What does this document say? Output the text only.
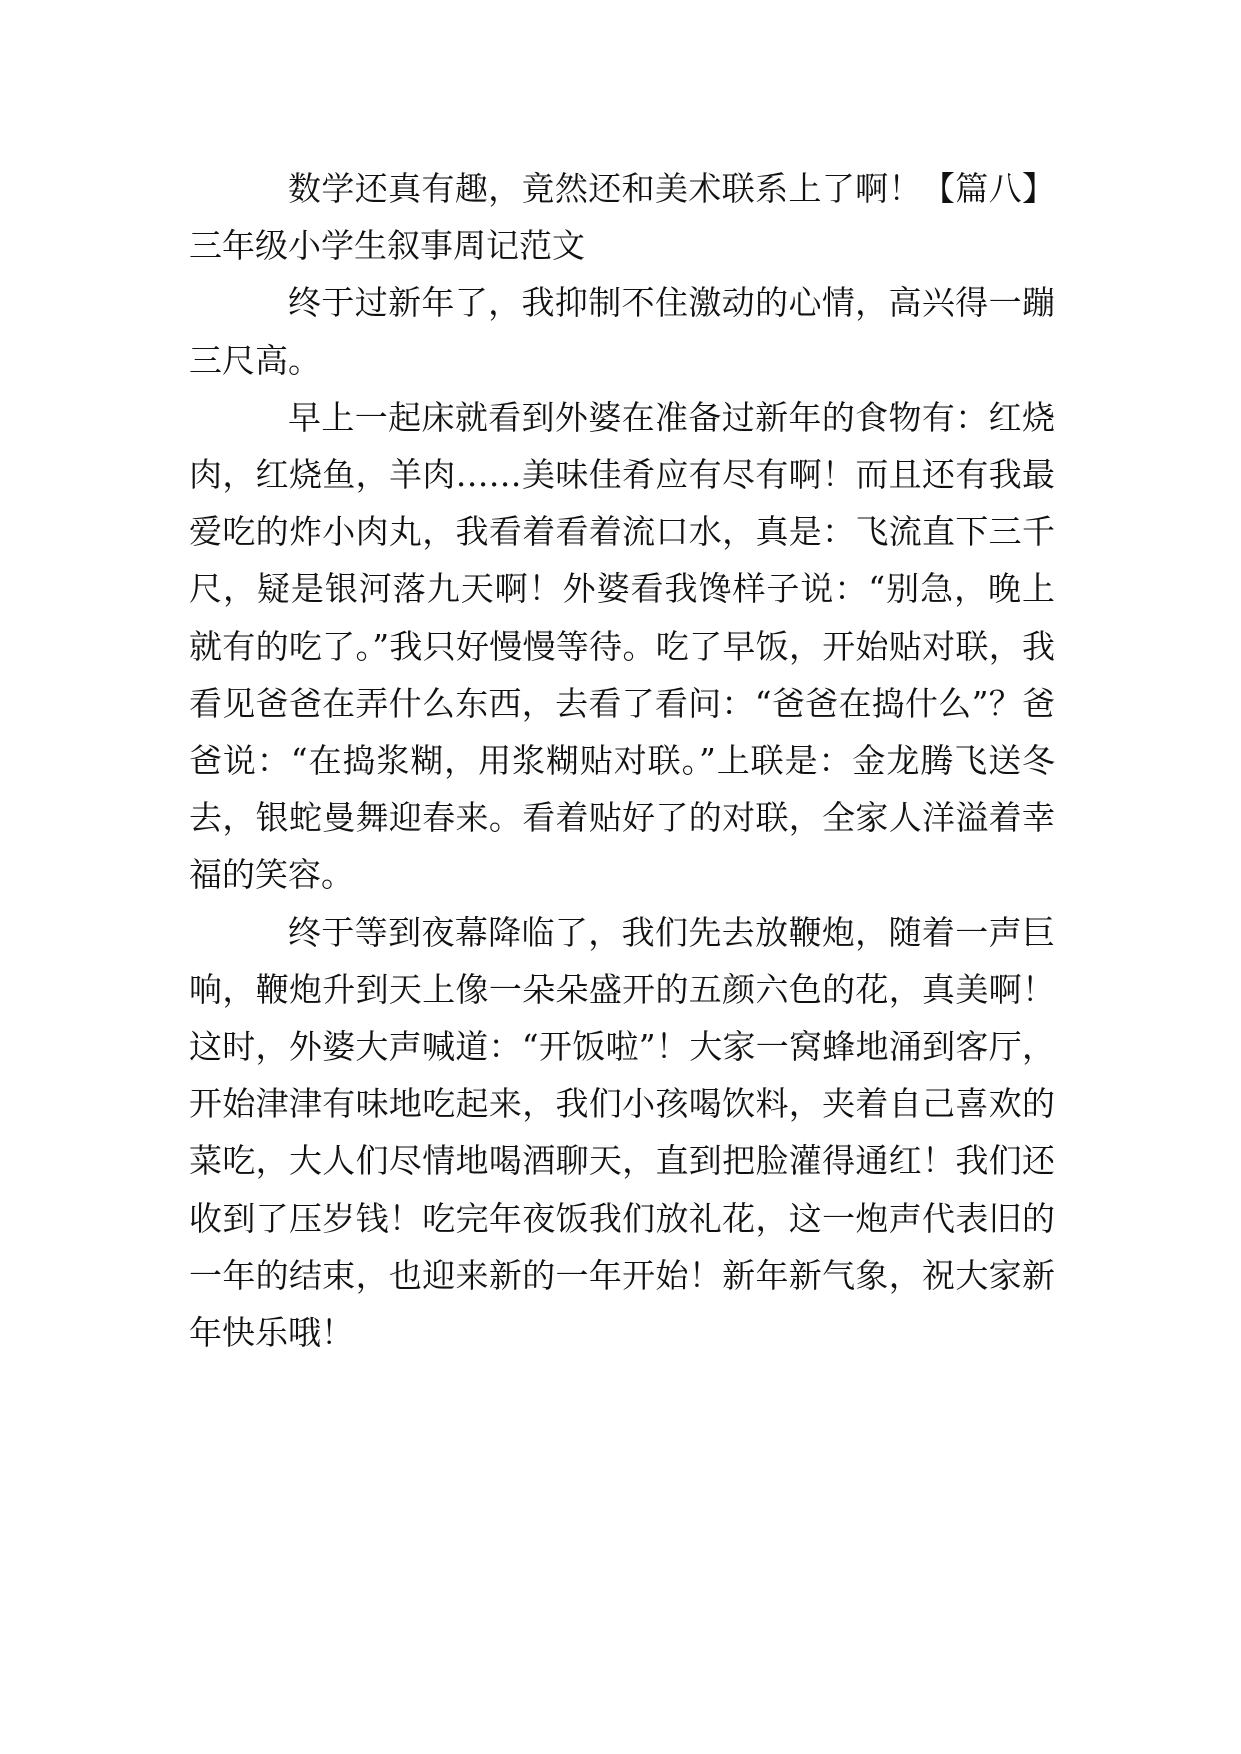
数学还真有趣，竟然还和美术联系上了啊！【篇八】三年级小学生叙事周记范文

终于过新年了，我抑制不住激动的心情，高兴得一蹦三尺高。

早上一起床就看到外婆在准备过新年的食物有：红烧肉，红烧鱼，羊肉……美味佳肴应有尽有啊！而且还有我最爱吃的炸小肉丸，我看着看着流口水，真是：飞流直下三千尺，疑是银河落九天啊！外婆看我馋样子说：“别急，晚上就有的吃了。”我只好慢慢等待。吃了早饭，开始贴对联，我看见爸爸在弄什么东西，去看了看问：“爸爸在捣什么”？爸爸说：“在捣浆糊，用浆糊贴对联。”上联是：金龙腾飞送冬去，银蛇曼舞迎春来。看着贴好了的对联，全家人洋溢着幸福的笑容。

终于等到夜幕降临了，我们先去放鞭炮，随着一声巨响，鞭炮升到天上像一朵朵盛开的五颜六色的花，真美啊！这时，外婆大声喊道：“开饭啦”！大家一窝蜂地涌到客厅，开始津津有味地吃起来，我们小孩喝饮料，夹着自己喜欢的菜吃，大人们尽情地喝酒聊天，直到把脸灌得通红！我们还收到了压岁钱！吃完年夜饭我们放礼花，这一炮声代表旧的一年的结束，也迎来新的一年开始！新年新气象，祝大家新年快乐哦！
